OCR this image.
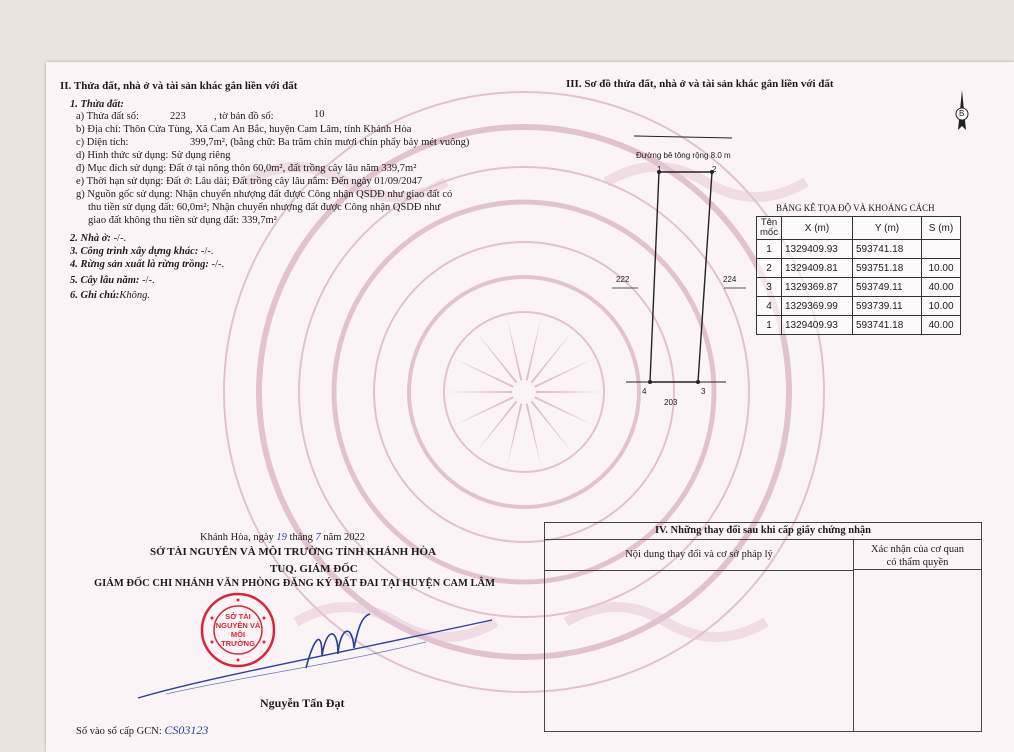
II. Thửa đất, nhà ở và tài sản khác gắn liền với đất
1. Thửa đất:
a) Thửa đất số:	223	, tờ bản đồ số:	10
b) Địa chỉ: Thôn Cửa Tùng, Xã Cam An Bắc, huyện Cam Lâm, tỉnh Khánh Hòa
c) Diện tích:	399,7m², (bằng chữ: Ba trăm chín mươi chín phẩy bảy mét vuông)
d) Hình thức sử dụng: Sử dụng riêng
đ) Mục đích sử dụng: Đất ở tại nông thôn 60,0m², đất trồng cây lâu năm 339,7m²
e) Thời hạn sử dụng: Đất ở: Lâu dài; Đất trồng cây lâu năm: Đến ngày 01/09/2047
g) Nguồn gốc sử dụng: Nhận chuyển nhượng đất được Công nhận QSDĐ như giao đất có
thu tiền sử dụng đất: 60,0m²; Nhận chuyển nhượng đất được Công nhận QSDĐ như
giao đất không thu tiền sử dụng đất: 339,7m²
2. Nhà ở: -/-.
3. Công trình xây dựng khác: -/-.
4. Rừng sản xuất là rừng trồng: -/-.
5. Cây lâu năm: -/-.
6. Ghi chú:Không.
III. Sơ đồ thửa đất, nhà ở và tài sản khác gắn liền với đất
Đường bê tông rộng 8.0 m
1	2
3
4
222	224
203
B
BẢNG KÊ TỌA ĐỘ VÀ KHOẢNG CÁCH
Tên mốc	X (m)	Y (m)	S (m)
1	1329409.93	593741.18	
2	1329409.81	593751.18	10.00
3	1329369.87	593749.11	40.00
4	1329369.99	593739.11	10.00
1	1329409.93	593741.18	40.00
Khánh Hòa, ngày 19 tháng 7 năm 2022
SỞ TÀI NGUYÊN VÀ MÔI TRƯỜNG TỈNH KHÁNH HÒA
TUQ. GIÁM ĐỐC
GIÁM ĐỐC CHI NHÁNH VĂN PHÒNG ĐĂNG KÝ ĐẤT ĐAI TẠI HUYỆN CAM LÂM
SỞ TÀI NGUYÊN VÀ MÔI TRƯỜNG
Nguyễn Tấn Đạt
IV. Những thay đổi sau khi cấp giấy chứng nhận
Nội dung thay đổi và cơ sở pháp lý	Xác nhận của cơ quan
có thẩm quyền
Số vào sổ cấp GCN: CS03123
